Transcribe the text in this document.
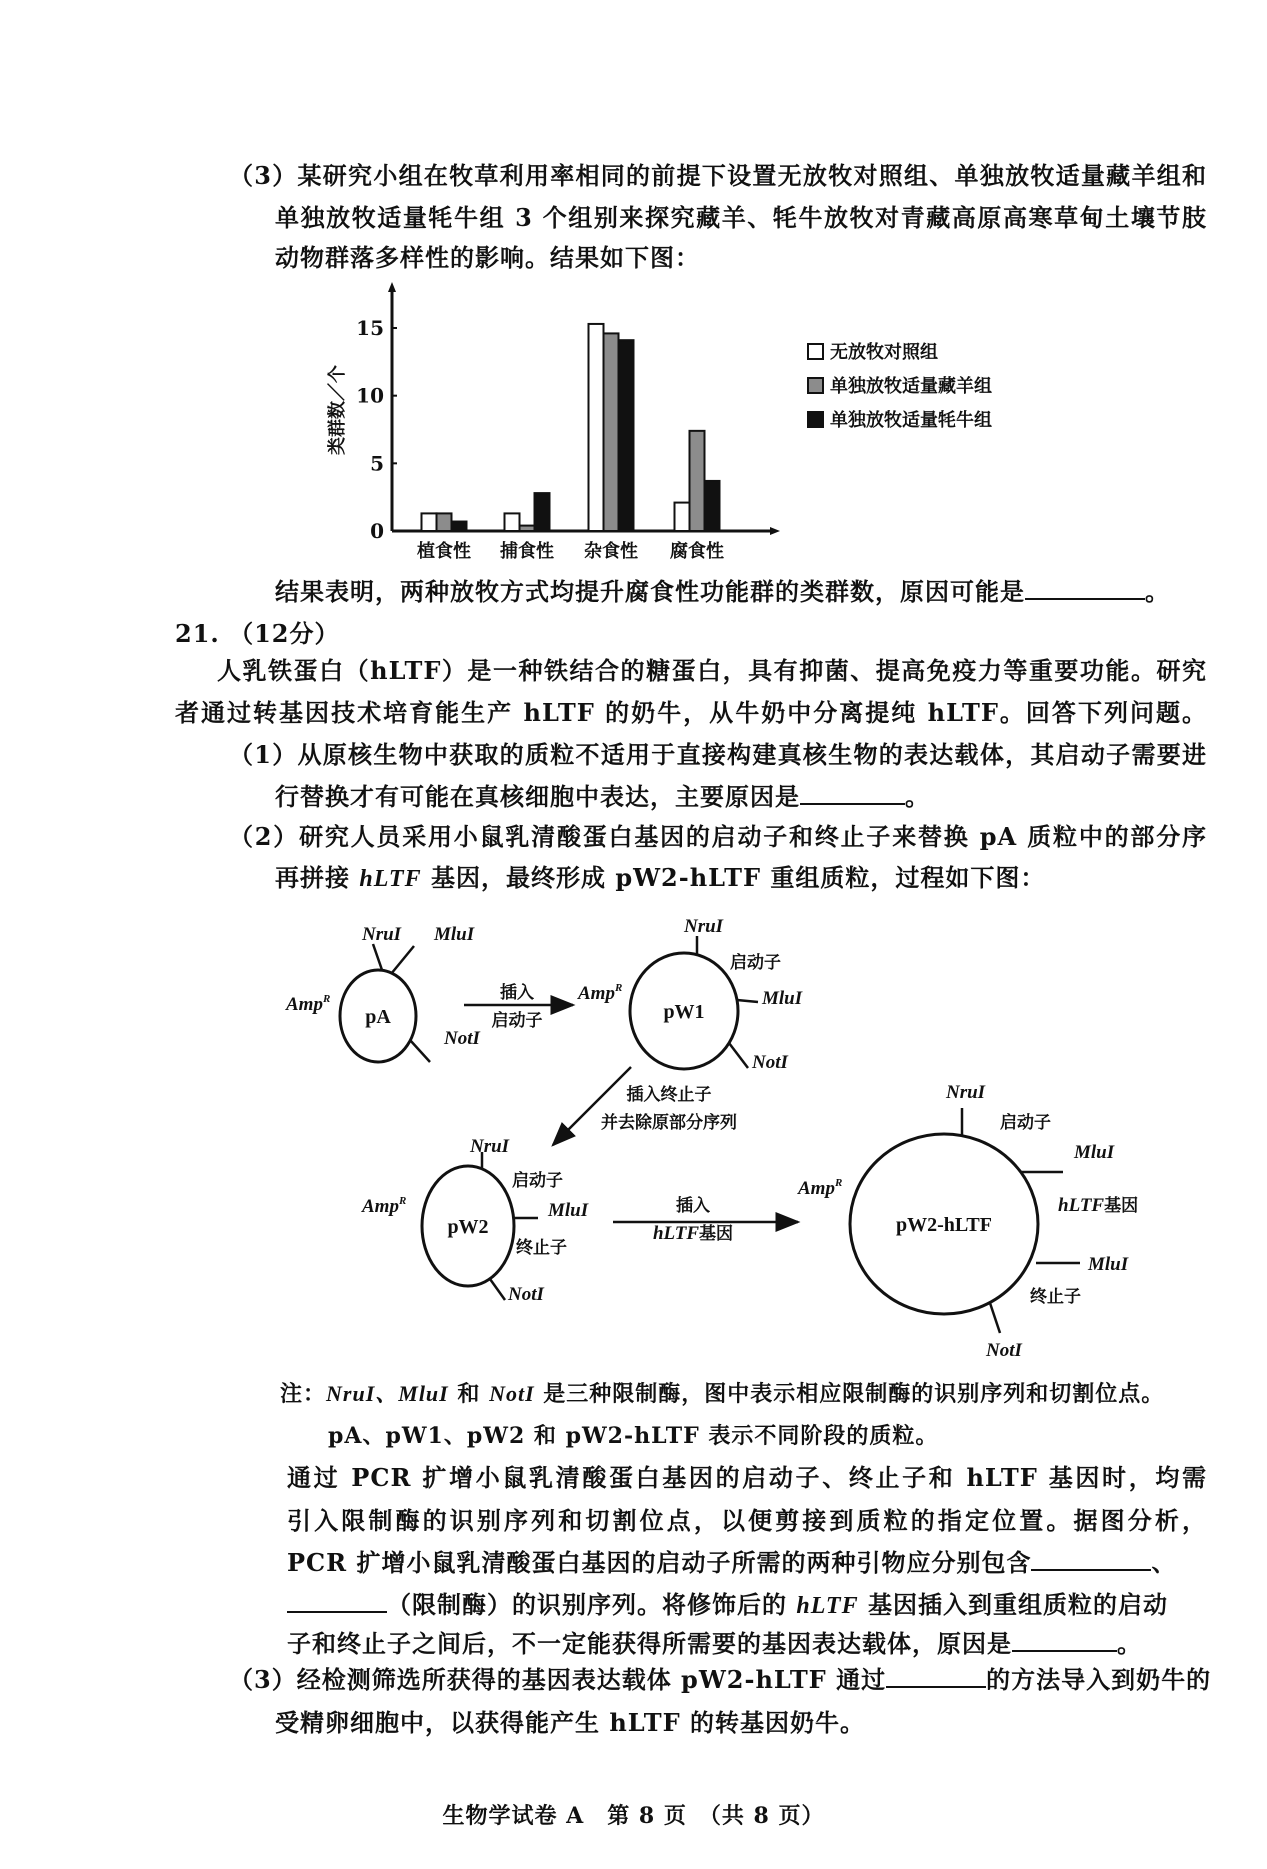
（3）某研究小组在牧草利用率相同的前提下设置无放牧对照组、单独放牧适量藏羊组和
单独放牧适量牦牛组 3 个组别来探究藏羊、牦牛放牧对青藏高原高寒草甸土壤节肢
动物群落多样性的影响。结果如下图：
0
5
10
15
类群数／个
无放牧对照组
单独放牧适量藏羊组
单独放牧适量牦牛组
植食性 捕食性 杂食性 腐食性
结果表明，两种放牧方式均提升腐食性功能群的类群数，原因可能是	。
21. （12分）
人乳铁蛋白（hLTF）是一种铁结合的糖蛋白，具有抑菌、提高免疫力等重要功能。研究
者通过转基因技术培育能生产 hLTF 的奶牛，从牛奶中分离提纯 hLTF。回答下列问题。
（1）从原核生物中获取的质粒不适用于直接构建真核生物的表达载体，其启动子需要进
行替换才有可能在真核细胞中表达，主要原因是	。
（2）研究人员采用小鼠乳清酸蛋白基因的启动子和终止子来替换 pA 质粒中的部分序
再拼接 hLTF 基因，最终形成 pW2-hLTF 重组质粒，过程如下图：
pA
NruI MluI
NotI
Amp$^R$	插入
启动子	pW1
NruI
启动子
MluI
NotI
Amp$^R$
插入终止子
并去除原部分序列
pW2
NruI
启动子
MluI
终止子
NotI
Amp$^R$	插入
hLTF基因	pW2-hLTF
NruI
启动子
MluI
hLTF基因
MluI
终止子
NotI
Amp$^R$
注：NruI、MluI 和 NotI 是三种限制酶，图中表示相应限制酶的识别序列和切割位点。
pA、pW1、pW2 和 pW2-hLTF 表示不同阶段的质粒。
通过 PCR 扩增小鼠乳清酸蛋白基因的启动子、终止子和 hLTF 基因时，均需
引入限制酶的识别序列和切割位点，以便剪接到质粒的指定位置。据图分析，
PCR 扩增小鼠乳清酸蛋白基因的启动子所需的两种引物应分别包含	、
（限制酶）的识别序列。将修饰后的 hLTF 基因插入到重组质粒的启动
子和终止子之间后，不一定能获得所需要的基因表达载体，原因是	。
（3）经检测筛选所获得的基因表达载体 pW2-hLTF 通过	的方法导入到奶牛的
受精卵细胞中，以获得能产生 hLTF 的转基因奶牛。
生物学试卷 A　第 8 页　（共 8 页）
